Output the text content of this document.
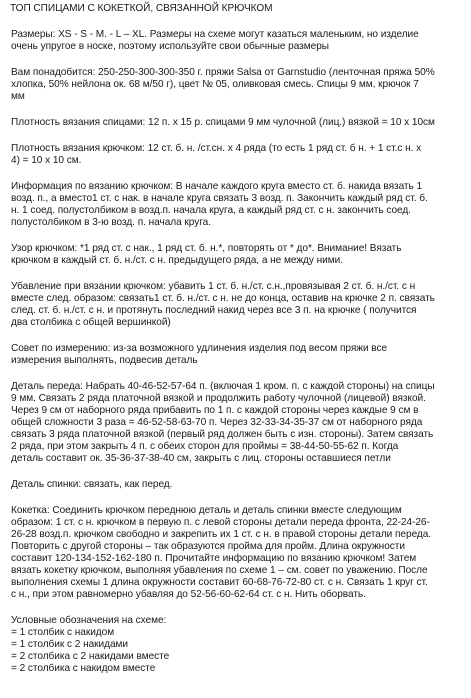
ТОП СПИЦАМИ С КОКЕТКОЙ, СВЯЗАННОЙ КРЮЧКОМ
Размеры: XS - S - M. - L – XL. Размеры на схеме могут казаться маленьким, но изделие
очень упругое в носке, поэтому используйте свои обычные размеры
Вам понадобится: 250-250-300-300-350 г. пряжи Salsa от Garnstudio (ленточная пряжа 50%
хлопка, 50% нейлона ок. 68 м/50 г), цвет № 05, оливковая смесь. Спицы 9 мм, крючок 7
мм
Плотность вязания спицами: 12 п. х 15 р. спицами 9 мм чулочной (лиц.) вязкой = 10 х 10см
Плотность вязания крючком: 12 ст. б. н. /ст.сн. х 4 ряда (то есть 1 ряд ст. б н. + 1 ст.с н. х
4) = 10 х 10 см.
Информация по вязанию крючком: В начале каждого круга вместо ст. б. накида вязать 1
возд. п., а вместо1 ст. с нак. в начале круга связать 3 возд. п. Закончить каждый ряд ст. б.
н. 1 соед. полустолбиком в возд.п. начала круга, а каждый ряд ст. с н. закончить соед.
полустолбиком в 3-ю возд. п. начала круга.
Узор крючком: *1 ряд ст. с нак., 1 ряд ст. б. н.*, повторять от * до*. Внимание! Вязать
крючком в каждый ст. б. н./ст. с н. предыдущего ряда, а не между ними.
Убавление при вязании крючком: убавить 1 ст. б. н./ст. с.н.,провязывая 2 ст. б. н./ст. с н
вместе след. образом: связать1 ст. б. н./ст. с н. не до конца, оставив на крючке 2 п. связать
след. ст. б. н./ст. с н. и протянуть последний накид через все 3 п. на крючке ( получится
два столбика с общей вершинкой)
Совет по измерению: из-за возможного удлинения изделия под весом пряжи все
измерения выполнять, подвесив деталь
Деталь переда: Набрать 40-46-52-57-64 п. (включая 1 кром. п. с каждой стороны) на спицы
9 мм. Связать 2 ряда платочной вязкой и продолжить работу чулочной (лицевой) вязкой.
Через 9 см от наборного ряда прибавить по 1 п. с каждой стороны через каждые 9 см в
общей сложности 3 раза = 46-52-58-63-70 п. Через 32-33-34-35-37 см от наборного ряда
связать 3 ряда платочной вязкой (первый ряд должен быть с изн. стороны). Затем связать
2 ряда, при этом закрыть 4 п. с обеих сторон для проймы = 38-44-50-55-62 п. Когда
деталь составит ок. 35-36-37-38-40 см, закрыть с лиц. стороны оставшиеся петли
Деталь спинки: связать, как перед.
Кокетка: Соединить крючком переднюю деталь и деталь спинки вместе следующим
образом: 1 ст. с н. крючком в первую п. с левой стороны детали переда фронта, 22-24-26-
26-28 возд.п. крючком свободно и закрепить их 1 ст. с н. в правой стороны детали переда.
Повторить с другой стороны – так образуются пройма для пройм. Длина окружности
составит 120-134-152-162-180 п. Прочитайте информацию по вязанию крючком! Затем
вязать кокетку крючком, выполняя убавления по схеме 1 – см. совет по уважению. После
выполнения схемы 1 длина окружности составит 60-68-76-72-80 ст. с н. Связать 1 круг ст.
с н., при этом равномерно убавляя до 52-56-60-62-64 ст. с н. Нить оборвать.
Условные обозначения на схеме:
= 1 столбик с накидом
= 1 столбик с 2 накидами
= 2 столбика с 2 накидами вместе
= 2 столбика с накидом вместе
